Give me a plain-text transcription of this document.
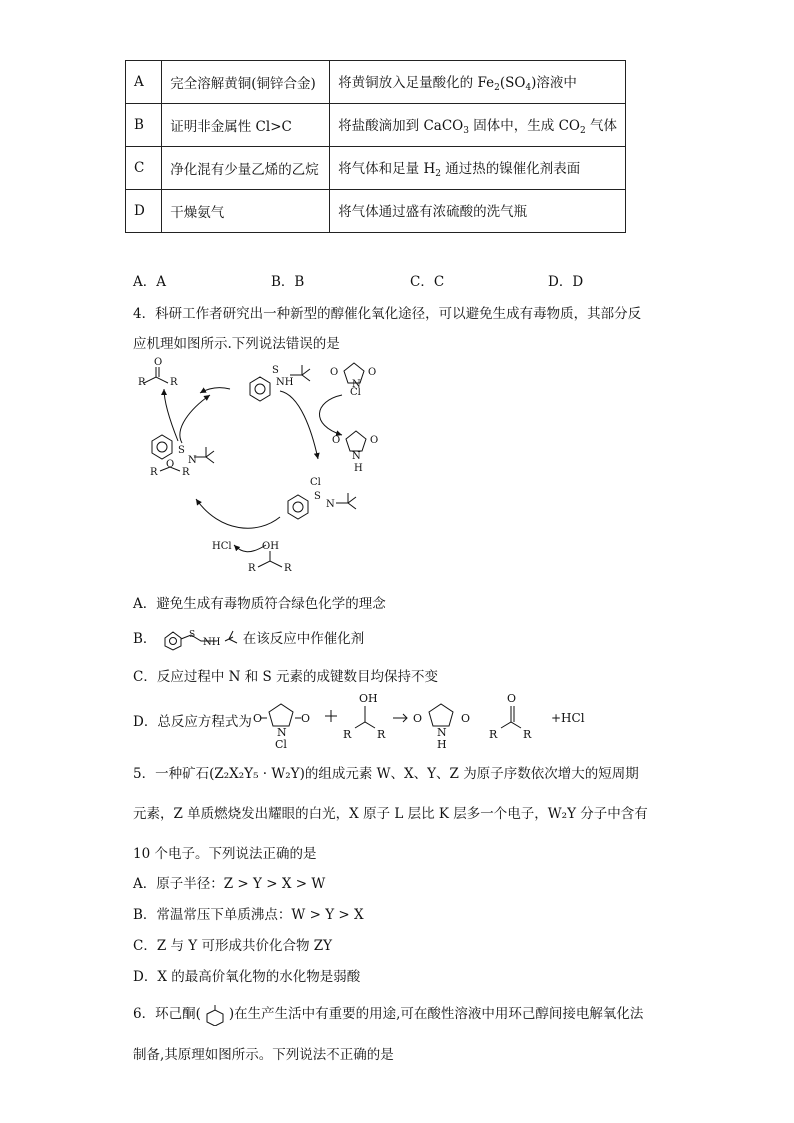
A	完全溶解黄铜(铜锌合金)	将黄铜放入足量酸化的 $Fe_2(SO_4)$溶液中
B	证明非金属性 Cl>C	将盐酸滴加到 CaCO$_3$ 固体中，生成 $CO_2$ 气体
C	净化混有少量乙烯的乙烷	将气体和足量 $H_2$ 通过热的镍催化剂表面
D	干燥氨气	将气体通过盛有浓硫酸的洗气瓶
A．A	B．B	C．C	D．D
4．科研工作者研究出一种新型的醇催化氧化途径，可以避免生成有毒物质，其部分反
应机理如图所示.下列说法错误的是
R R
O
S
NH
Cl
O	O
N
O	O
N
H
S
N
O
R R
Cl
S
N
HCl	OH
R	R
A．避免生成有毒物质符合绿色化学的理念
B．	S
NH 在该反应中作催化剂
C．反应过程中 N 和 S 元素的成键数目均保持不变
D．总反应方程式为 O	O
N
Cl
OH
R R
O	O
N
H
O
R R
+HCl
5．一种矿石(Z₂X₂Y₅ · W₂Y)的组成元素 W、X、Y、Z 为原子序数依次增大的短周期
元素，Z 单质燃烧发出耀眼的白光，X 原子 L 层比 K 层多一个电子，W₂Y 分子中含有
10 个电子。下列说法正确的是
A．原子半径：Z > Y > X > W
B．常温常压下单质沸点：W > Y > X
C．Z 与 Y 可形成共价化合物 ZY
D．X 的最高价氧化物的水化物是弱酸
6．环己酮( )在生产生活中有重要的用途,可在酸性溶液中用环己醇间接电解氧化法
制备,其原理如图所示。下列说法不正确的是
